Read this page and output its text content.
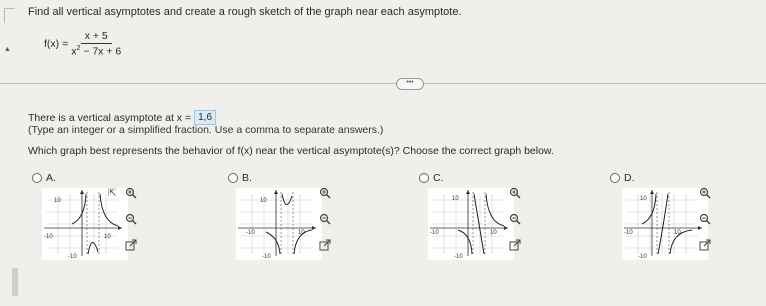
▲
Find all vertical asymptotes and create a rough sketch of the graph near each asymptote.
$f(x) = \frac{x + 5}{x^2 - 7x + 6}$
•••
There is a vertical asymptote at x = 1,6
(Type an integer or a simplified fraction. Use a comma to separate answers.)
Which graph best represents the behavior of f(x) near the vertical asymptote(s)? Choose the correct graph below.
A.	B.	C.	D.
10
-10	10
-10
10
-10	10
-10
10
-10	10
-10
10
-10	10
-10
⇱
